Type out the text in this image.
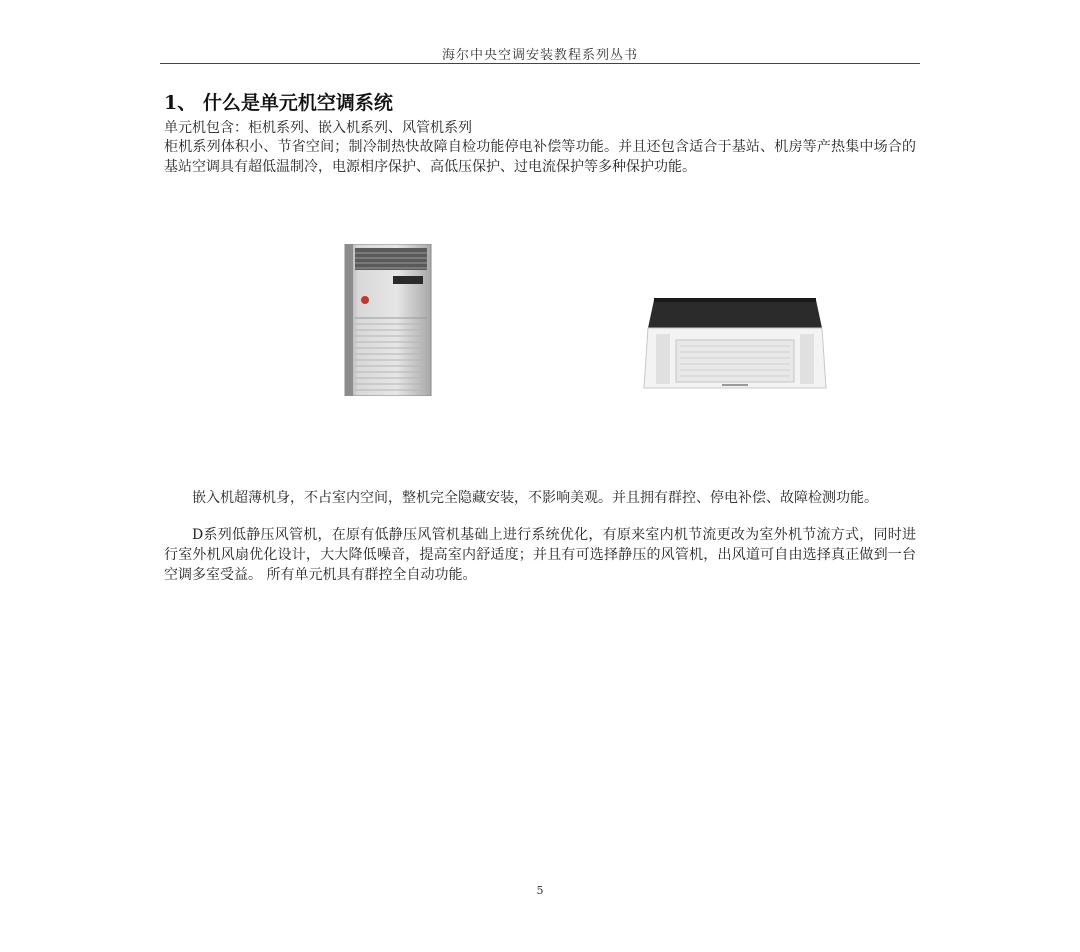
海尔中央空调安装教程系列丛书
1、 什么是单元机空调系统
单元机包含：柜机系列、嵌入机系列、风管机系列
柜机系列体积小、节省空间；制冷制热快故障自检功能停电补偿等功能。并且还包含适合于基站、机房等产热集中场合的基站空调具有超低温制冷，电源相序保护、高低压保护、过电流保护等多种保护功能。
嵌入机超薄机身，不占室内空间，整机完全隐藏安装，不影响美观。并且拥有群控、停电补偿、故障检测功能。
D系列低静压风管机，在原有低静压风管机基础上进行系统优化，有原来室内机节流更改为室外机节流方式，同时进行室外机风扇优化设计，大大降低噪音，提高室内舒适度；并且有可选择静压的风管机，出风道可自由选择真正做到一台空调多室受益。 所有单元机具有群控全自动功能。
5
